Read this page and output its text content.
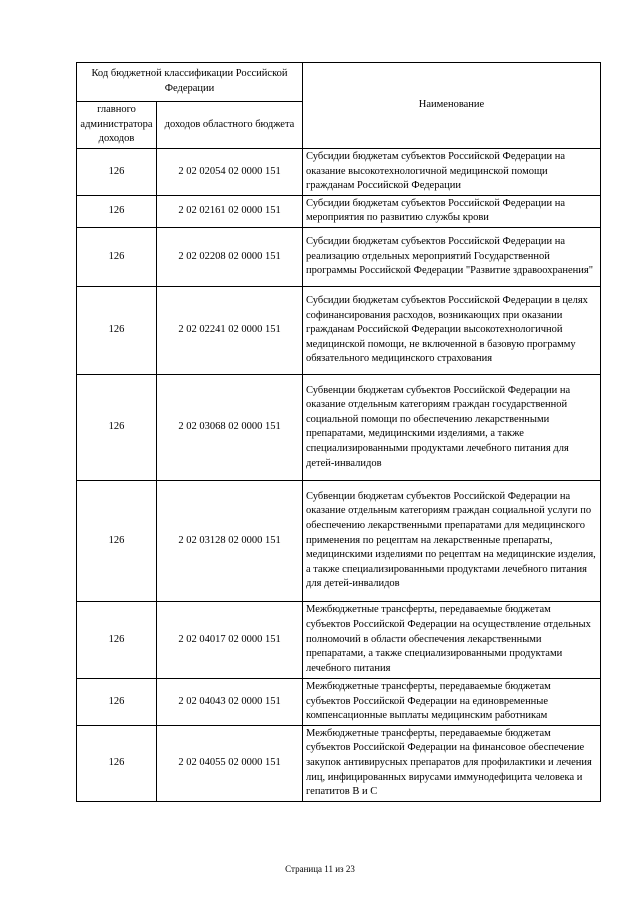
Код бюджетной классификации Российской Федерации		Наименование
главного администратора доходов	доходов областного бюджета	
126	2 02 02054 02 0000 151	Субсидии бюджетам субъектов Российской Федерации на оказание высокотехнологичной медицинской помощи гражданам Российской Федерации
126	2 02 02161 02 0000 151	Субсидии бюджетам субъектов Российской Федерации на мероприятия по развитию службы крови
126	2 02 02208 02 0000 151	Субсидии бюджетам субъектов Российской Федерации на реализацию отдельных мероприятий Государственной программы Российской Федерации "Развитие здравоохранения"
126	2 02 02241 02 0000 151	Субсидии бюджетам субъектов Российской Федерации в целях софинансирования расходов, возникающих при оказании гражданам Российской Федерации высокотехнологичной медицинской помощи, не включенной в базовую программу обязательного медицинского страхования
126	2 02 03068 02 0000 151	Субвенции бюджетам субъектов Российской Федерации на оказание отдельным категориям граждан государственной социальной помощи по обеспечению лекарственными препаратами, медицинскими изделиями, а также специализированными продуктами лечебного питания для детей-инвалидов
126	2 02 03128 02 0000 151	Субвенции бюджетам субъектов Российской Федерации на оказание отдельным категориям граждан социальной услуги по обеспечению лекарственными препаратами для медицинского применения по рецептам на лекарственные препараты, медицинскими изделиями по рецептам на медицинские изделия, а также специализированными продуктами лечебного питания для детей-инвалидов
126	2 02 04017 02 0000 151	Межбюджетные трансферты, передаваемые бюджетам субъектов Российской Федерации на осуществление отдельных полномочий в области обеспечения лекарственными препаратами, а также специализированными продуктами лечебного питания
126	2 02 04043 02 0000 151	Межбюджетные трансферты, передаваемые бюджетам субъектов Российской Федерации на единовременные компенсационные выплаты медицинским работникам
126	2 02 04055 02 0000 151	Межбюджетные трансферты, передаваемые бюджетам субъектов Российской Федерации на финансовое обеспечение закупок антивирусных препаратов для профилактики и лечения лиц, инфицированных вирусами иммунодефицита человека и гепатитов В и С
Страница 11 из 23
